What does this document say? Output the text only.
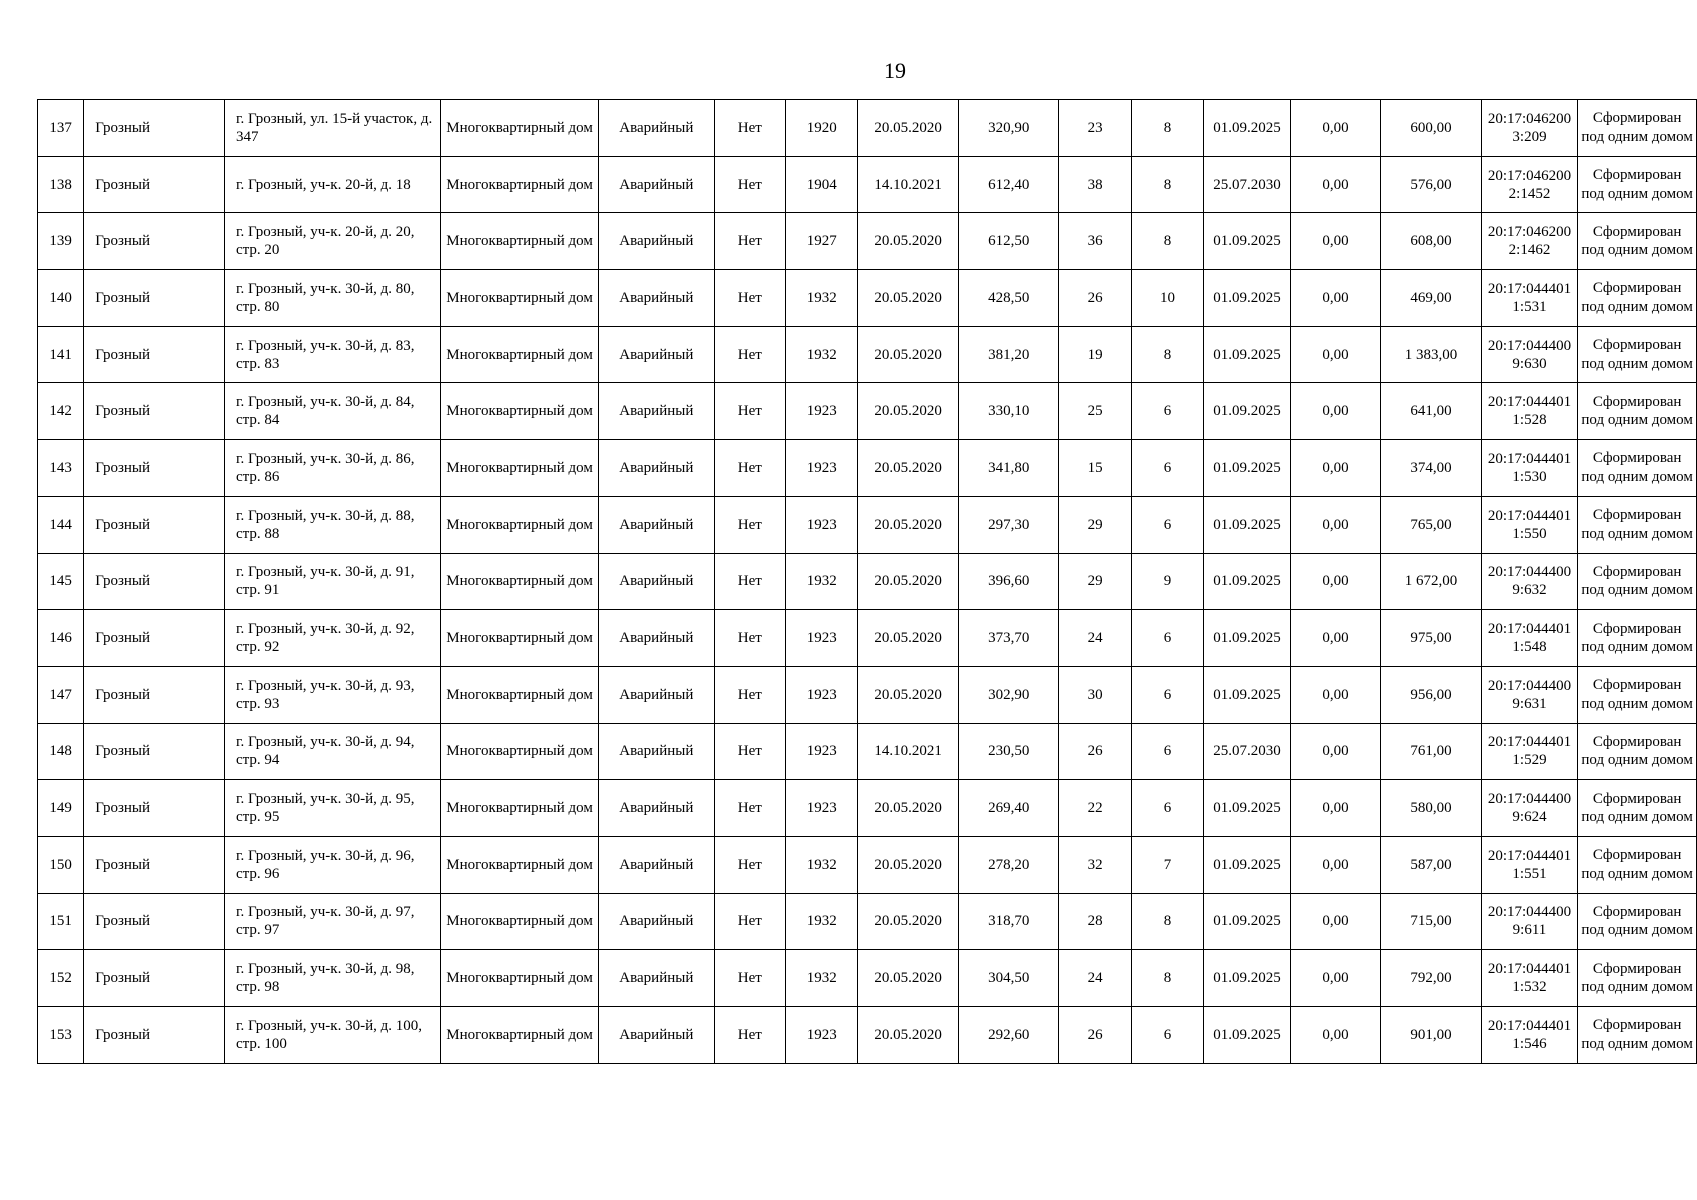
19
137	Грозный	г. Грозный, ул. 15-й участок, д. 347	Многоквартирный дом	Аварийный	Нет	1920	20.05.2020	320,90	23	8	01.09.2025	0,00	600,00	20:17:0462003:209	Сформирован под одним домом

138	Грозный	г. Грозный, уч-к. 20-й, д. 18	Многоквартирный дом	Аварийный	Нет	1904	14.10.2021	612,40	38	8	25.07.2030	0,00	576,00	20:17:0462002:1452	Сформирован под одним домом

139	Грозный	г. Грозный, уч-к. 20-й, д. 20, стр. 20	Многоквартирный дом	Аварийный	Нет	1927	20.05.2020	612,50	36	8	01.09.2025	0,00	608,00	20:17:0462002:1462	Сформирован под одним домом

140	Грозный	г. Грозный, уч-к. 30-й, д. 80, стр. 80	Многоквартирный дом	Аварийный	Нет	1932	20.05.2020	428,50	26	10	01.09.2025	0,00	469,00	20:17:0444011:531	Сформирован под одним домом

141	Грозный	г. Грозный, уч-к. 30-й, д. 83, стр. 83	Многоквартирный дом	Аварийный	Нет	1932	20.05.2020	381,20	19	8	01.09.2025	0,00	1 383,00	20:17:0444009:630	Сформирован под одним домом

142	Грозный	г. Грозный, уч-к. 30-й, д. 84, стр. 84	Многоквартирный дом	Аварийный	Нет	1923	20.05.2020	330,10	25	6	01.09.2025	0,00	641,00	20:17:0444011:528	Сформирован под одним домом

143	Грозный	г. Грозный, уч-к. 30-й, д. 86, стр. 86	Многоквартирный дом	Аварийный	Нет	1923	20.05.2020	341,80	15	6	01.09.2025	0,00	374,00	20:17:0444011:530	Сформирован под одним домом

144	Грозный	г. Грозный, уч-к. 30-й, д. 88, стр. 88	Многоквартирный дом	Аварийный	Нет	1923	20.05.2020	297,30	29	6	01.09.2025	0,00	765,00	20:17:0444011:550	Сформирован под одним домом

145	Грозный	г. Грозный, уч-к. 30-й, д. 91, стр. 91	Многоквартирный дом	Аварийный	Нет	1932	20.05.2020	396,60	29	9	01.09.2025	0,00	1 672,00	20:17:0444009:632	Сформирован под одним домом

146	Грозный	г. Грозный, уч-к. 30-й, д. 92, стр. 92	Многоквартирный дом	Аварийный	Нет	1923	20.05.2020	373,70	24	6	01.09.2025	0,00	975,00	20:17:0444011:548	Сформирован под одним домом

147	Грозный	г. Грозный, уч-к. 30-й, д. 93, стр. 93	Многоквартирный дом	Аварийный	Нет	1923	20.05.2020	302,90	30	6	01.09.2025	0,00	956,00	20:17:0444009:631	Сформирован под одним домом

148	Грозный	г. Грозный, уч-к. 30-й, д. 94, стр. 94	Многоквартирный дом	Аварийный	Нет	1923	14.10.2021	230,50	26	6	25.07.2030	0,00	761,00	20:17:0444011:529	Сформирован под одним домом

149	Грозный	г. Грозный, уч-к. 30-й, д. 95, стр. 95	Многоквартирный дом	Аварийный	Нет	1923	20.05.2020	269,40	22	6	01.09.2025	0,00	580,00	20:17:0444009:624	Сформирован под одним домом

150	Грозный	г. Грозный, уч-к. 30-й, д. 96, стр. 96	Многоквартирный дом	Аварийный	Нет	1932	20.05.2020	278,20	32	7	01.09.2025	0,00	587,00	20:17:0444011:551	Сформирован под одним домом

151	Грозный	г. Грозный, уч-к. 30-й, д. 97, стр. 97	Многоквартирный дом	Аварийный	Нет	1932	20.05.2020	318,70	28	8	01.09.2025	0,00	715,00	20:17:0444009:611	Сформирован под одним домом

152	Грозный	г. Грозный, уч-к. 30-й, д. 98, стр. 98	Многоквартирный дом	Аварийный	Нет	1932	20.05.2020	304,50	24	8	01.09.2025	0,00	792,00	20:17:0444011:532	Сформирован под одним домом

153	Грозный	г. Грозный, уч-к. 30-й, д. 100, стр. 100	Многоквартирный дом	Аварийный	Нет	1923	20.05.2020	292,60	26	6	01.09.2025	0,00	901,00	20:17:0444011:546	Сформирован под одним домом
